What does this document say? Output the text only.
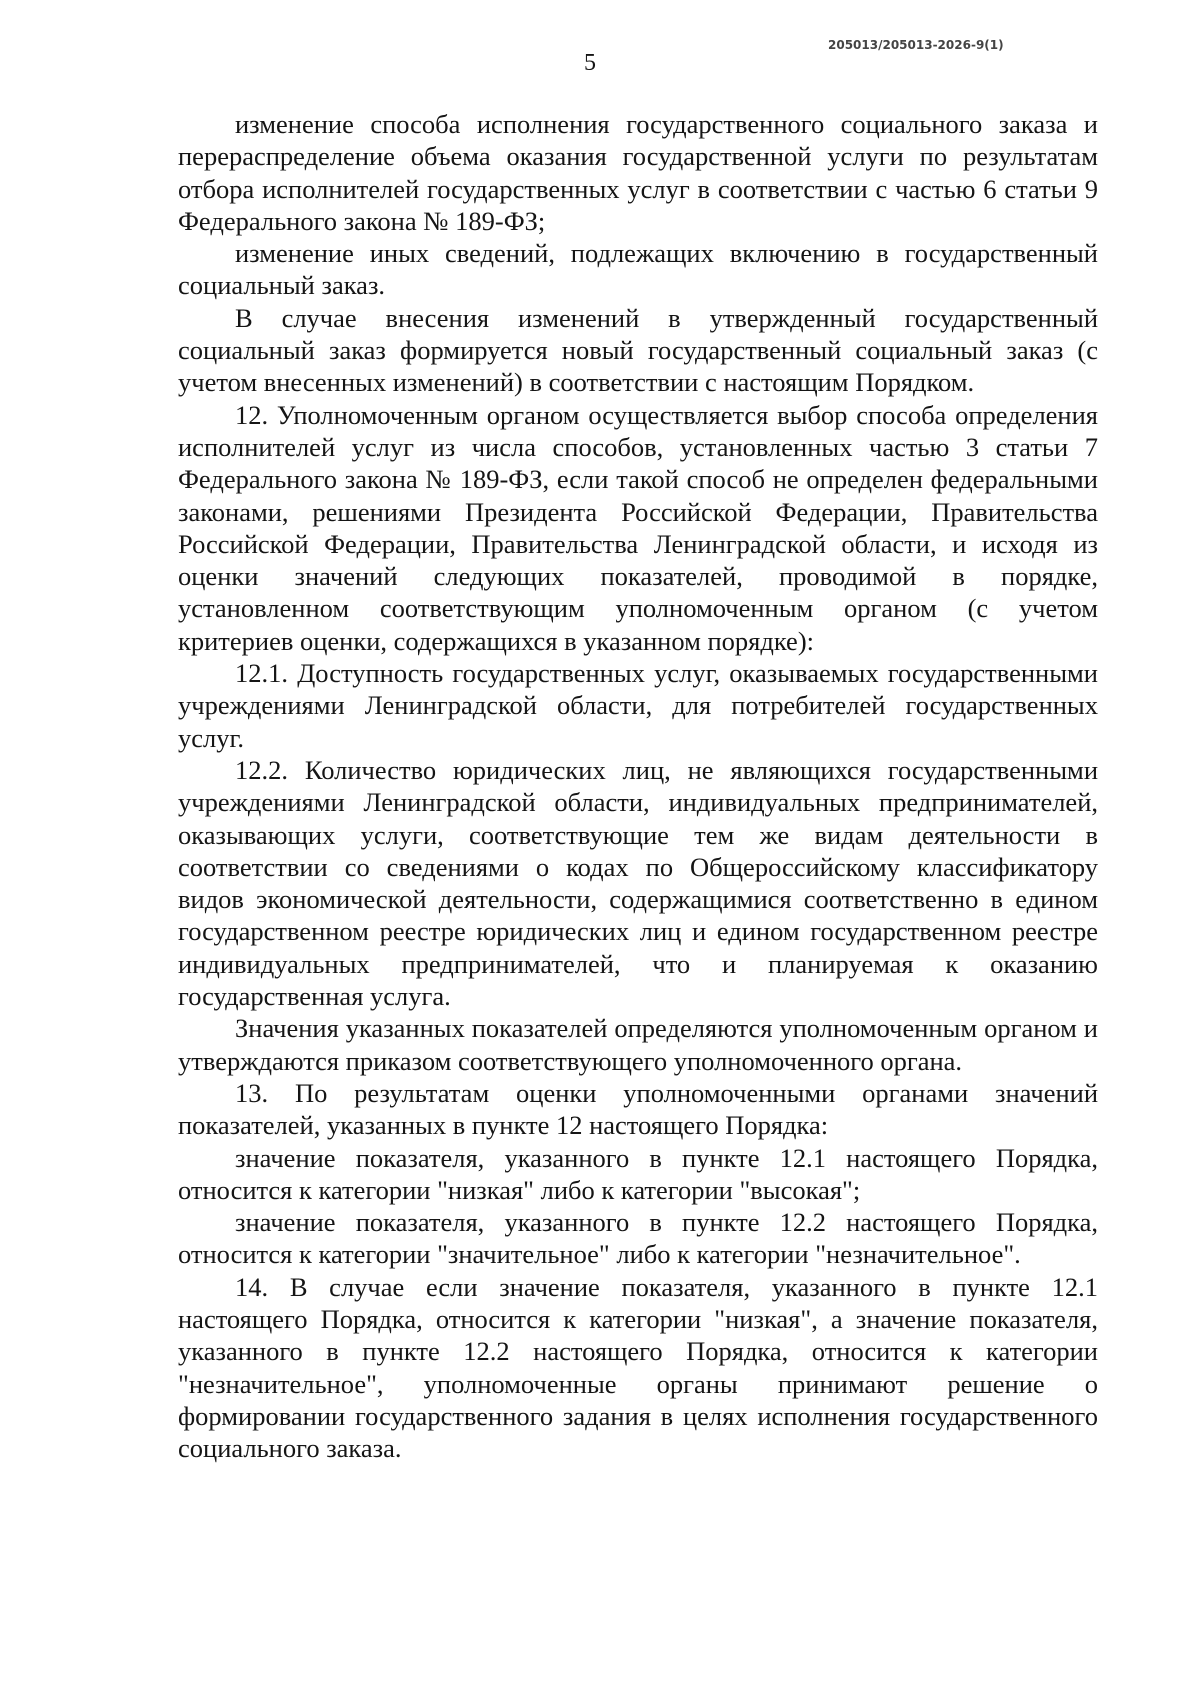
205013/205013-2026-9(1)
5

изменение способа исполнения государственного социального заказа и перераспределение объема оказания государственной услуги по результатам отбора исполнителей государственных услуг в соответствии с частью 6 статьи 9 Федерального закона № 189-ФЗ;

изменение иных сведений, подлежащих включению в государственный социальный заказ.

В случае внесения изменений в утвержденный государственный социальный заказ формируется новый государственный социальный заказ (с учетом внесенных изменений) в соответствии с настоящим Порядком.

12. Уполномоченным органом осуществляется выбор способа определения исполнителей услуг из числа способов, установленных частью 3 статьи 7 Федерального закона № 189-ФЗ, если такой способ не определен федеральными законами, решениями Президента Российской Федерации, Правительства Российской Федерации, Правительства Ленинградской области, и исходя из оценки значений следующих показателей, проводимой в порядке, установленном соответствующим уполномоченным органом (с учетом критериев оценки, содержащихся в указанном порядке):

12.1. Доступность государственных услуг, оказываемых государственными учреждениями Ленинградской области, для потребителей государственных услуг.

12.2. Количество юридических лиц, не являющихся государственными учреждениями Ленинградской области, индивидуальных предпринимателей, оказывающих услуги, соответствующие тем же видам деятельности в соответствии со сведениями о кодах по Общероссийскому классификатору видов экономической деятельности, содержащимися соответственно в едином государственном реестре юридических лиц и едином государственном реестре индивидуальных предпринимателей, что и планируемая к оказанию государственная услуга.

Значения указанных показателей определяются уполномоченным органом и утверждаются приказом соответствующего уполномоченного органа.

13. По результатам оценки уполномоченными органами значений показателей, указанных в пункте 12 настоящего Порядка:

значение показателя, указанного в пункте 12.1 настоящего Порядка, относится к категории "низкая" либо к категории "высокая";

значение показателя, указанного в пункте 12.2 настоящего Порядка, относится к категории "значительное" либо к категории "незначительное".

14. В случае если значение показателя, указанного в пункте 12.1 настоящего Порядка, относится к категории "низкая", а значение показателя, указанного в пункте 12.2 настоящего Порядка, относится к категории "незначительное", уполномоченные органы принимают решение о формировании государственного задания в целях исполнения государственного социального заказа.
